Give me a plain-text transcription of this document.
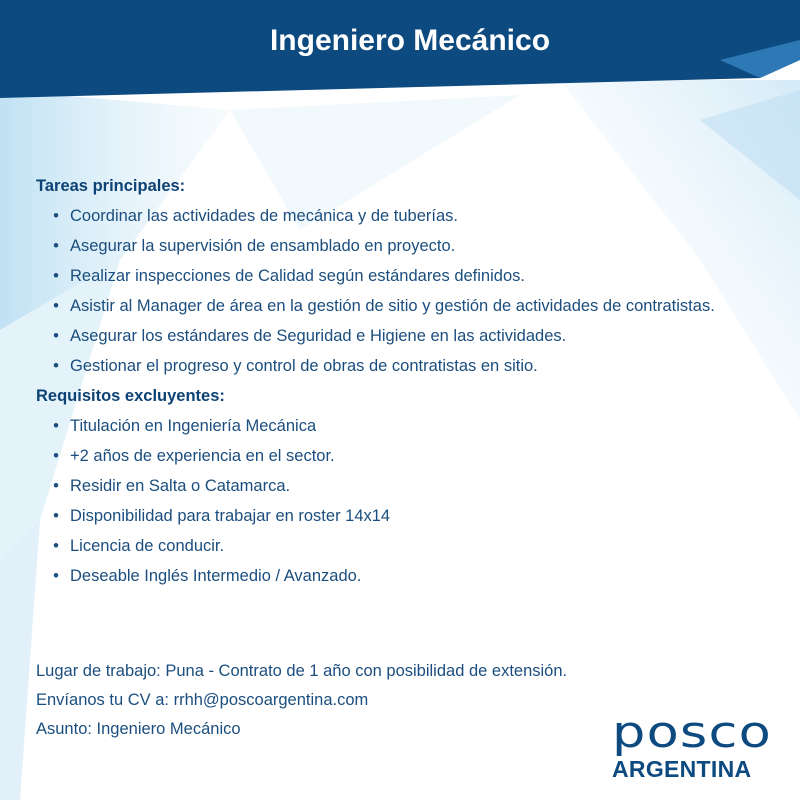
Ingeniero Mecánico
Tareas principales:
• Coordinar las actividades de mecánica y de tuberías.
• Asegurar la supervisión de ensamblado en proyecto.
• Realizar inspecciones de Calidad según estándares definidos.
• Asistir al Manager de área en la gestión de sitio y gestión de actividades de contratistas.
• Asegurar los estándares de Seguridad e Higiene en las actividades.
• Gestionar el progreso y control de obras de contratistas en sitio.
Requisitos excluyentes:
• Titulación en Ingeniería Mecánica
• +2 años de experiencia en el sector.
• Residir en Salta o Catamarca.
• Disponibilidad para trabajar en roster 14x14
• Licencia de conducir.
• Deseable Inglés Intermedio / Avanzado.
Lugar de trabajo: Puna - Contrato de 1 año con posibilidad de extensión.
Envíanos tu CV a: rrhh@poscoargentina.com
Asunto: Ingeniero Mecánico	posco
ARGENTINA
